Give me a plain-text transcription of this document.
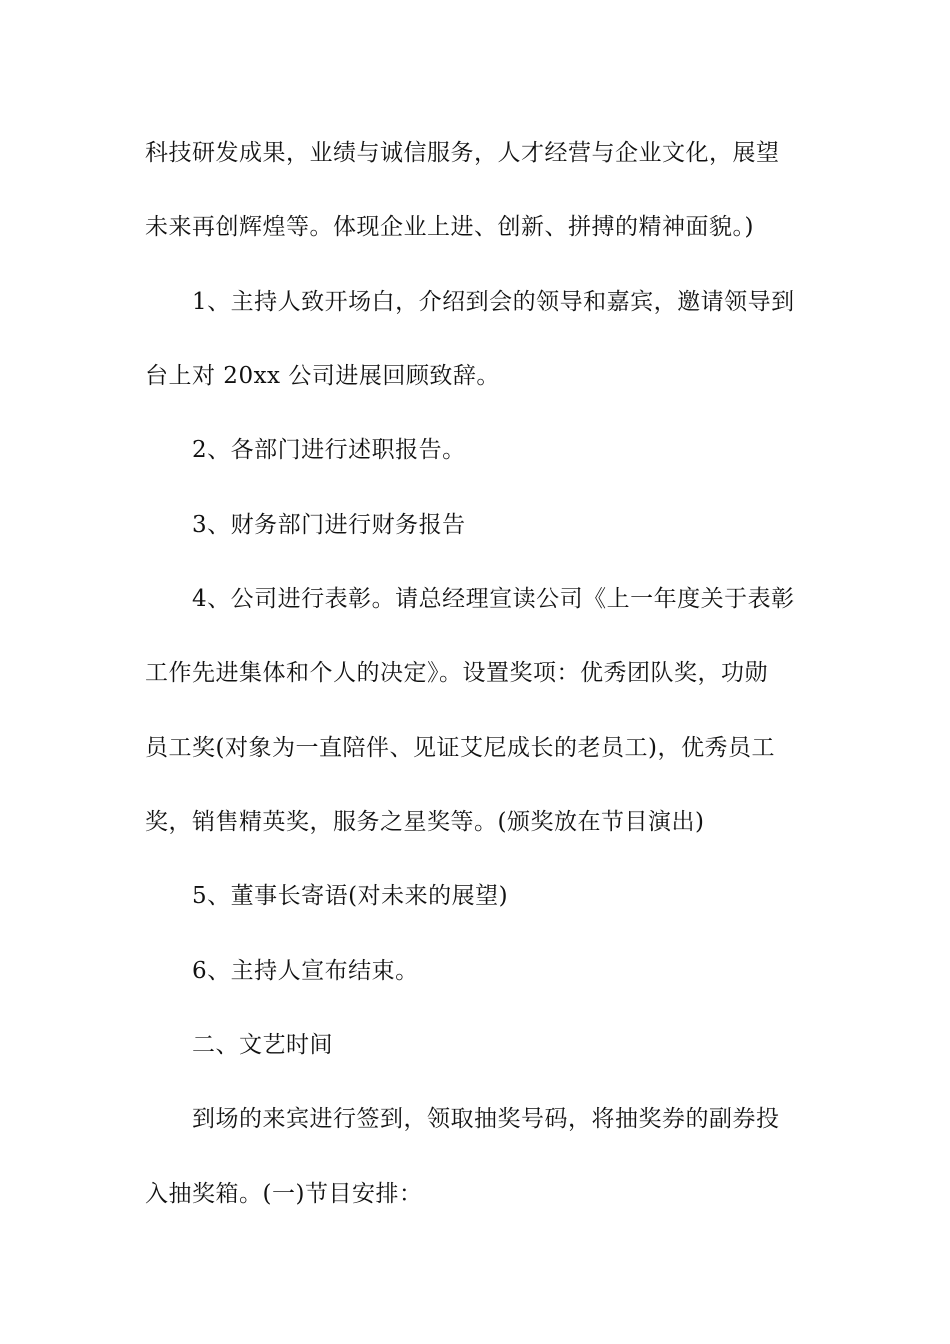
科技研发成果，业绩与诚信服务，人才经营与企业文化，展望
未来再创辉煌等。体现企业上进、创新、拼搏的精神面貌。)
1、主持人致开场白，介绍到会的领导和嘉宾，邀请领导到
台上对 20xx 公司进展回顾致辞。
2、各部门进行述职报告。
3、财务部门进行财务报告
4、公司进行表彰。请总经理宣读公司《上一年度关于表彰
工作先进集体和个人的决定》。设置奖项：优秀团队奖，功勋
员工奖(对象为一直陪伴、见证艾尼成长的老员工)，优秀员工
奖，销售精英奖，服务之星奖等。(颁奖放在节目演出)
5、董事长寄语(对未来的展望)
6、主持人宣布结束。
二、文艺时间
到场的来宾进行签到，领取抽奖号码，将抽奖券的副券投
入抽奖箱。(一)节目安排：
